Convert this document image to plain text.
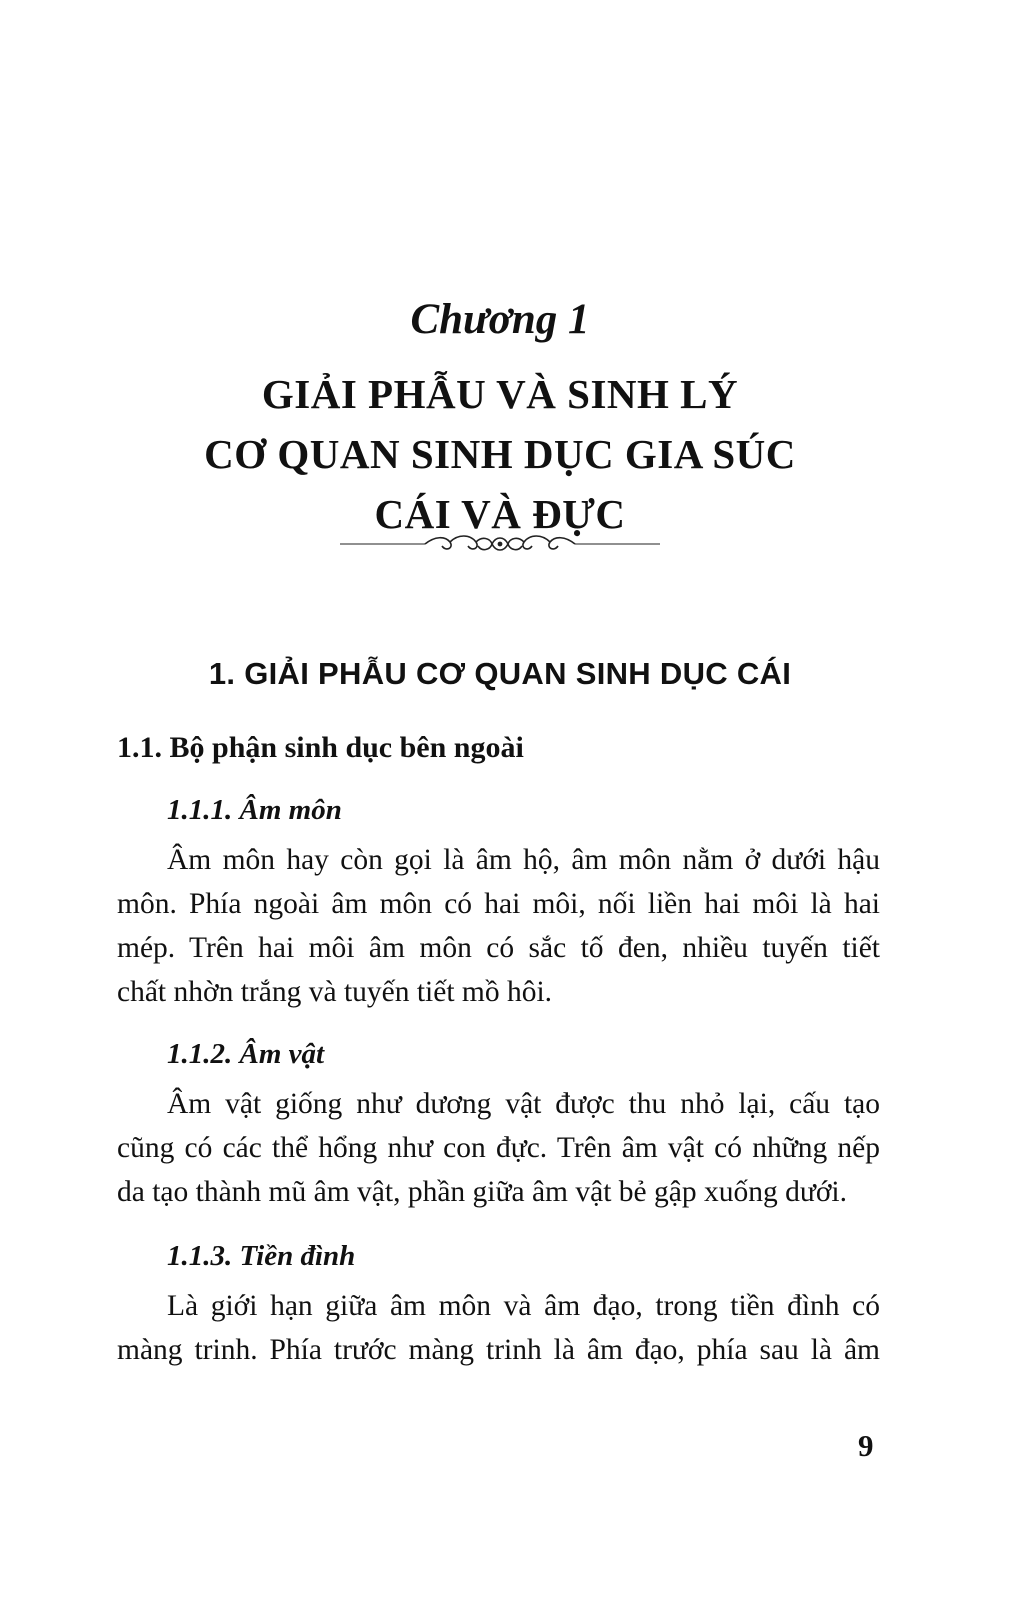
Chương 1
GIẢI PHẪU VÀ SINH LÝ
CƠ QUAN SINH DỤC GIA SÚC
CÁI VÀ ĐỰC
1. GIẢI PHẪU CƠ QUAN SINH DỤC CÁI
1.1. Bộ phận sinh dục bên ngoài
1.1.1. Âm môn
Âm môn hay còn gọi là âm hộ, âm môn nằm ở dưới hậu
môn. Phía ngoài âm môn có hai môi, nối liền hai môi là hai
mép. Trên hai môi âm môn có sắc tố đen, nhiều tuyến tiết
chất nhờn trắng và tuyến tiết mồ hôi.
1.1.2. Âm vật
Âm vật giống như dương vật được thu nhỏ lại, cấu tạo
cũng có các thể hổng như con đực. Trên âm vật có những nếp
da tạo thành mũ âm vật, phần giữa âm vật bẻ gập xuống dưới.
1.1.3. Tiền đình
Là giới hạn giữa âm môn và âm đạo, trong tiền đình có
màng trinh. Phía trước màng trinh là âm đạo, phía sau là âm
9
